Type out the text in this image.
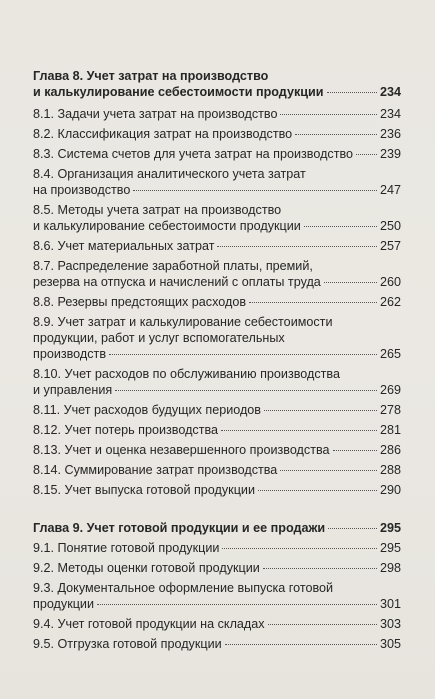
Глава 8. Учет затрат на производство
и калькулирование себестоимости продукции	234
8.1. Задачи учета затрат на производство	234
8.2. Классификация затрат на производство	236
8.3. Система счетов для учета затрат на производство 239
8.4. Организация аналитического учета затрат
на производство	247
8.5. Методы учета затрат на производство
и калькулирование себестоимости продукции	250
8.6. Учет материальных затрат	257
8.7. Распределение заработной платы, премий,
резерва на отпуска и начислений с оплаты труда	260
8.8. Резервы предстоящих расходов	262
8.9. Учет затрат и калькулирование себестоимости
продукции, работ и услуг вспомогательных
производств	265
8.10. Учет расходов по обслуживанию производства
и управления	269
8.11. Учет расходов будущих периодов	278
8.12. Учет потерь производства	281
8.13. Учет и оценка незавершенного производства	286
8.14. Суммирование затрат производства	288
8.15. Учет выпуска готовой продукции	290
Глава 9. Учет готовой продукции и ее продажи	295
9.1. Понятие готовой продукции	295
9.2. Методы оценки готовой продукции	298
9.3. Документальное оформление выпуска готовой
продукции	301
9.4. Учет готовой продукции на складах	303
9.5. Отгрузка готовой продукции	305
